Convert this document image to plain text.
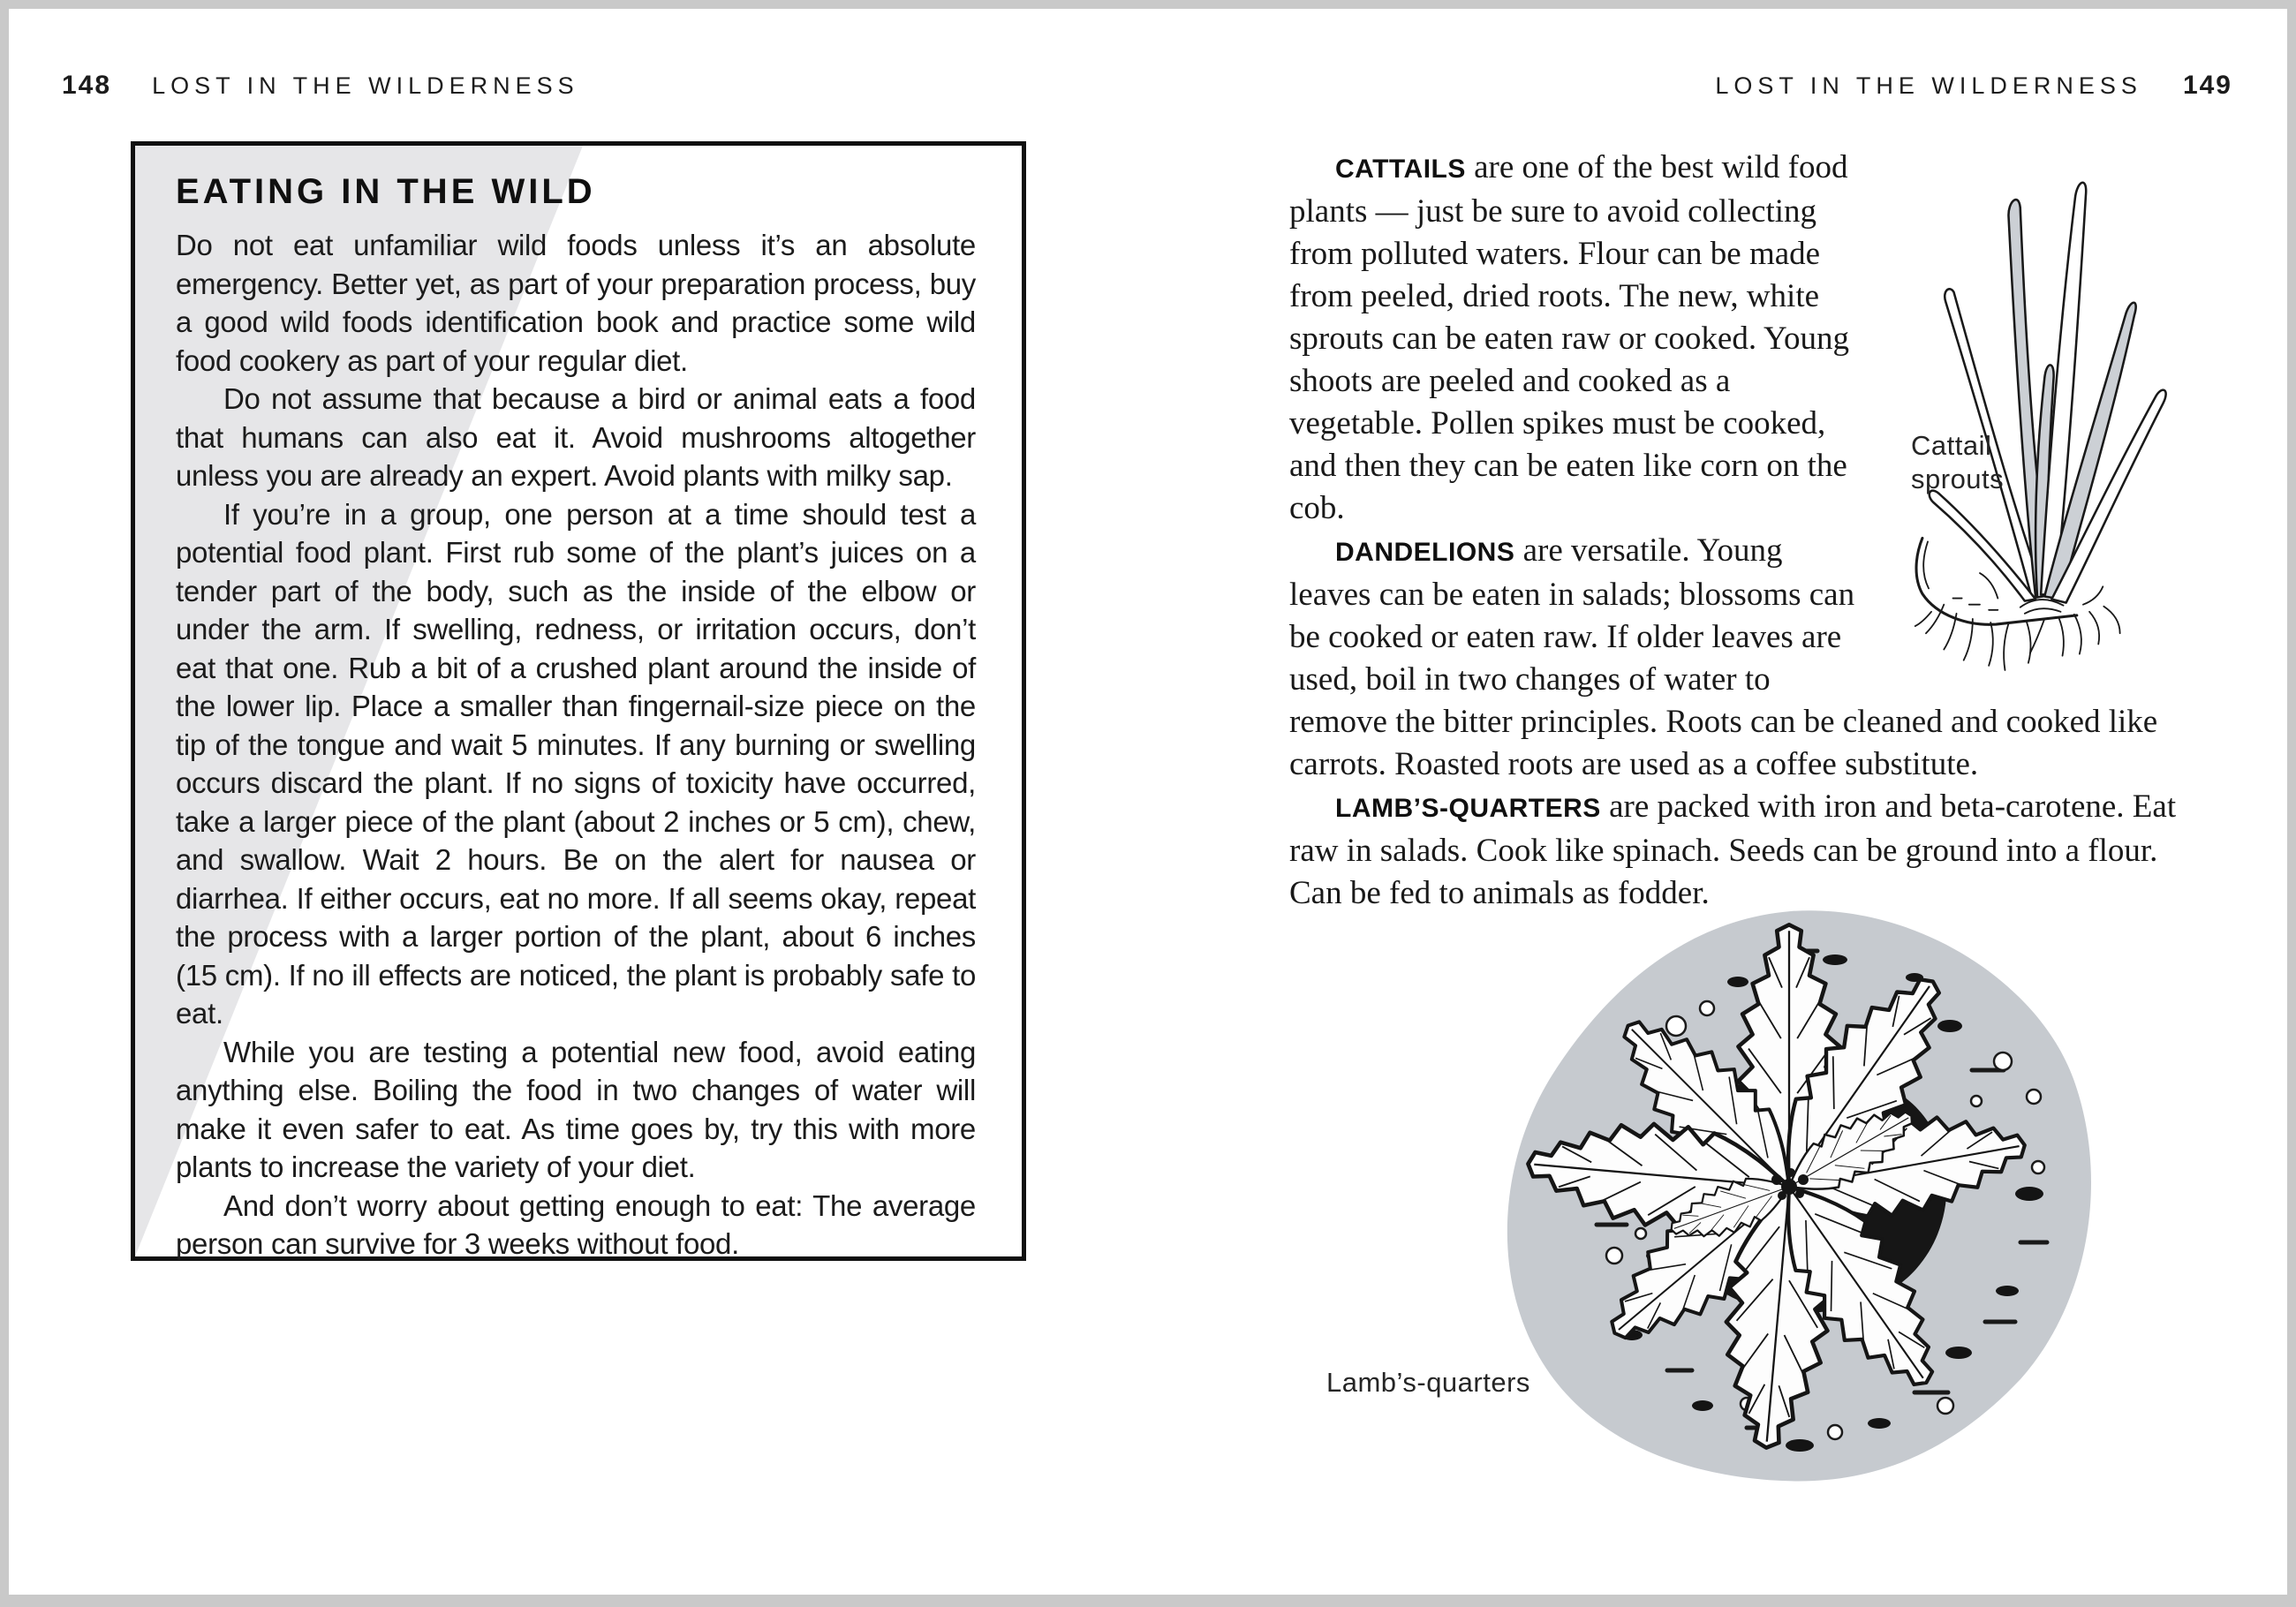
148 LOST IN THE WILDERNESS	LOST IN THE WILDERNESS 149
EATING IN THE WILD

Do not eat unfamiliar wild foods unless it’s an absolute emergency. Better yet, as part of your preparation process, buy a good wild foods identification book and practice some wild food cookery as part of your regular diet.

Do not assume that because a bird or animal eats a food that humans can also eat it. Avoid mushrooms altogether unless you are already an expert. Avoid plants with milky sap.

If you’re in a group, one person at a time should test a potential food plant. First rub some of the plant’s juices on a tender part of the body, such as the inside of the elbow or under the arm. If swelling, redness, or irritation occurs, don’t eat that one. Rub a bit of a crushed plant around the inside of the lower lip. Place a smaller than fingernail-size piece on the tip of the tongue and wait 5 minutes. If any burning or swelling occurs discard the plant. If no signs of toxicity have occurred, take a larger piece of the plant (about 2 inches or 5 cm), chew, and swallow. Wait 2 hours. Be on the alert for nausea or diarrhea. If either occurs, eat no more. If all seems okay, repeat the process with a larger portion of the plant, about 6 inches (15 cm). If no ill effects are noticed, the plant is probably safe to eat.

While you are testing a potential new food, avoid eating anything else. Boiling the food in two changes of water will make it even safer to eat. As time goes by, try this with more plants to increase the variety of your diet.

And don’t worry about getting enough to eat: The average person can survive for 3 weeks without food.

Cattail
sprouts

CATTAILS are one of the best wild food plants — just be sure to avoid collecting from polluted waters. Flour can be made from peeled, dried roots. The new, white sprouts can be eaten raw or cooked. Young shoots are peeled and cooked as a vegetable. Pollen spikes must be cooked, and then they can be eaten like corn on the cob.

DANDELIONS are versatile. Young leaves can be eaten in salads; blossoms can be cooked or eaten raw. If older leaves are used, boil in two changes of water to remove the bitter principles. Roots can be cleaned and cooked like carrots. Roasted roots are used as a coffee substitute.

LAMB’S-QUARTERS are packed with iron and beta-carotene. Eat raw in salads. Cook like spinach. Seeds can be ground into a flour. Can be fed to animals as fodder.

Lamb’s-quarters
